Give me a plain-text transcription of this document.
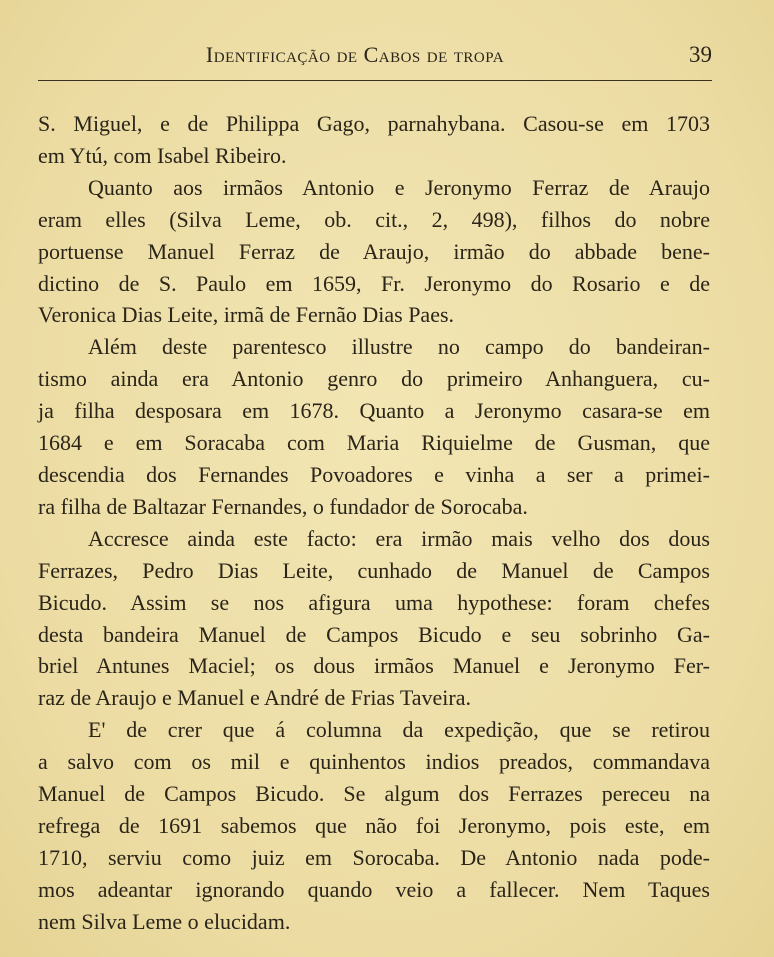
Identificação de Cabos de tropa	39
S. Miguel, e de Philippa Gago, parnahybana. Casou-se em 1703
em Ytú, com Isabel Ribeiro.
Quanto aos irmãos Antonio e Jeronymo Ferraz de Araujo
eram elles (Silva Leme, ob. cit., 2, 498), filhos do nobre
portuense Manuel Ferraz de Araujo, irmão do abbade bene-
dictino de S. Paulo em 1659, Fr. Jeronymo do Rosario e de
Veronica Dias Leite, irmã de Fernão Dias Paes.
Além deste parentesco illustre no campo do bandeiran-
tismo ainda era Antonio genro do primeiro Anhanguera, cu-
ja filha desposara em 1678. Quanto a Jeronymo casara-se em
1684 e em Soracaba com Maria Riquielme de Gusman, que
descendia dos Fernandes Povoadores e vinha a ser a primei-
ra filha de Baltazar Fernandes, o fundador de Sorocaba.
Accresce ainda este facto: era irmão mais velho dos dous
Ferrazes, Pedro Dias Leite, cunhado de Manuel de Campos
Bicudo. Assim se nos afigura uma hypothese: foram chefes
desta bandeira Manuel de Campos Bicudo e seu sobrinho Ga-
briel Antunes Maciel; os dous irmãos Manuel e Jeronymo Fer-
raz de Araujo e Manuel e André de Frias Taveira.
E' de crer que á columna da expedição, que se retirou
a salvo com os mil e quinhentos indios preados, commandava
Manuel de Campos Bicudo. Se algum dos Ferrazes pereceu na
refrega de 1691 sabemos que não foi Jeronymo, pois este, em
1710, serviu como juiz em Sorocaba. De Antonio nada pode-
mos adeantar ignorando quando veio a fallecer. Nem Taques
nem Silva Leme o elucidam.
